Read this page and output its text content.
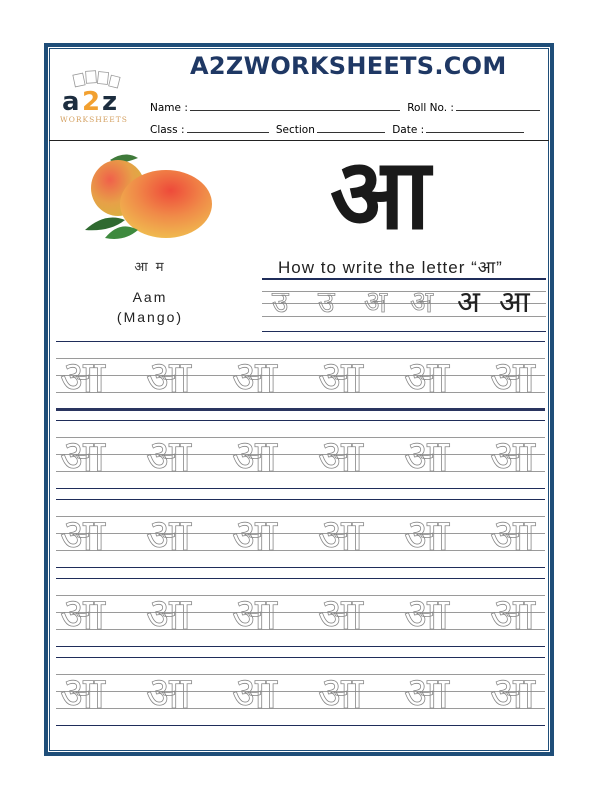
a 2 z
WORKSHEETS
A2ZWORKSHEETS.COM
Name :	Roll No. :
Class :	Section	Date :
आ म
Aam
(Mango)
आ
How to write the letter “आ”
उ उ अ अ अ आ
आ आ आ आ आ आ
आ आ आ आ आ आ
आ आ आ आ आ आ
आ आ आ आ आ आ
आ आ आ आ आ आ
